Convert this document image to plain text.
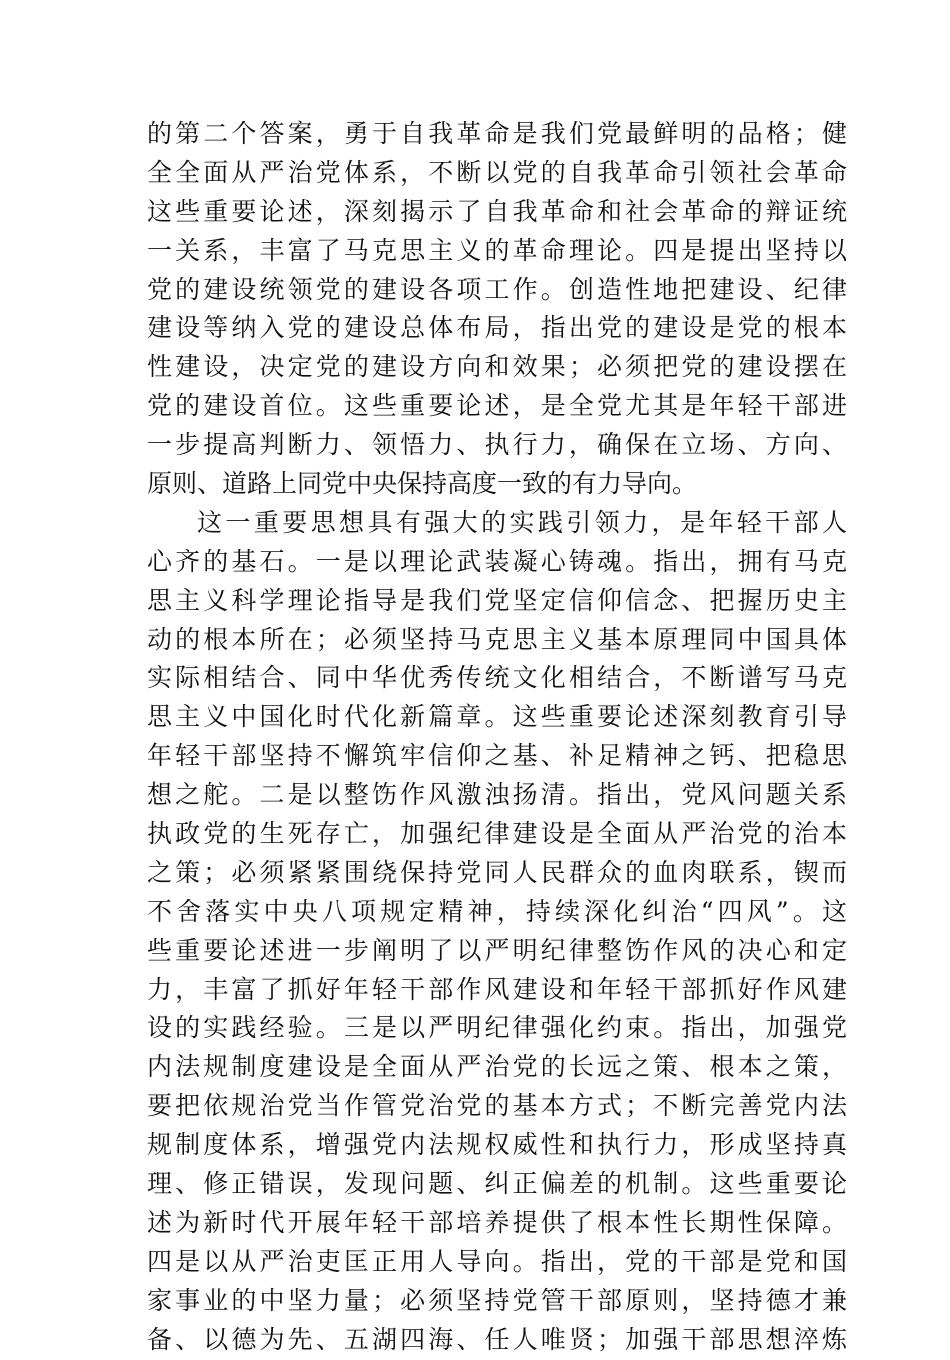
的第二个答案，勇于自我革命是我们党最鲜明的品格；健
全全面从严治党体系，不断以党的自我革命引领社会革命
这些重要论述，深刻揭示了自我革命和社会革命的辩证统
一关系，丰富了马克思主义的革命理论。四是提出坚持以
党的建设统领党的建设各项工作。创造性地把建设、纪律
建设等纳入党的建设总体布局，指出党的建设是党的根本
性建设，决定党的建设方向和效果；必须把党的建设摆在
党的建设首位。这些重要论述，是全党尤其是年轻干部进
一步提高判断力、领悟力、执行力，确保在立场、方向、
原则、道路上同党中央保持高度一致的有力导向。
这一重要思想具有强大的实践引领力，是年轻干部人
心齐的基石。一是以理论武装凝心铸魂。指出，拥有马克
思主义科学理论指导是我们党坚定信仰信念、把握历史主
动的根本所在；必须坚持马克思主义基本原理同中国具体
实际相结合、同中华优秀传统文化相结合，不断谱写马克
思主义中国化时代化新篇章。这些重要论述深刻教育引导
年轻干部坚持不懈筑牢信仰之基、补足精神之钙、把稳思
想之舵。二是以整饬作风激浊扬清。指出，党风问题关系
执政党的生死存亡，加强纪律建设是全面从严治党的治本
之策；必须紧紧围绕保持党同人民群众的血肉联系，锲而
不舍落实中央八项规定精神，持续深化纠治“四风”。这
些重要论述进一步阐明了以严明纪律整饬作风的决心和定
力，丰富了抓好年轻干部作风建设和年轻干部抓好作风建
设的实践经验。三是以严明纪律强化约束。指出，加强党
内法规制度建设是全面从严治党的长远之策、根本之策，
要把依规治党当作管党治党的基本方式；不断完善党内法
规制度体系，增强党内法规权威性和执行力，形成坚持真
理、修正错误，发现问题、纠正偏差的机制。这些重要论
述为新时代开展年轻干部培养提供了根本性长期性保障。
四是以从严治吏匡正用人导向。指出，党的干部是党和国
家事业的中坚力量；必须坚持党管干部原则，坚持德才兼
备、以德为先、五湖四海、任人唯贤；加强干部思想淬炼
